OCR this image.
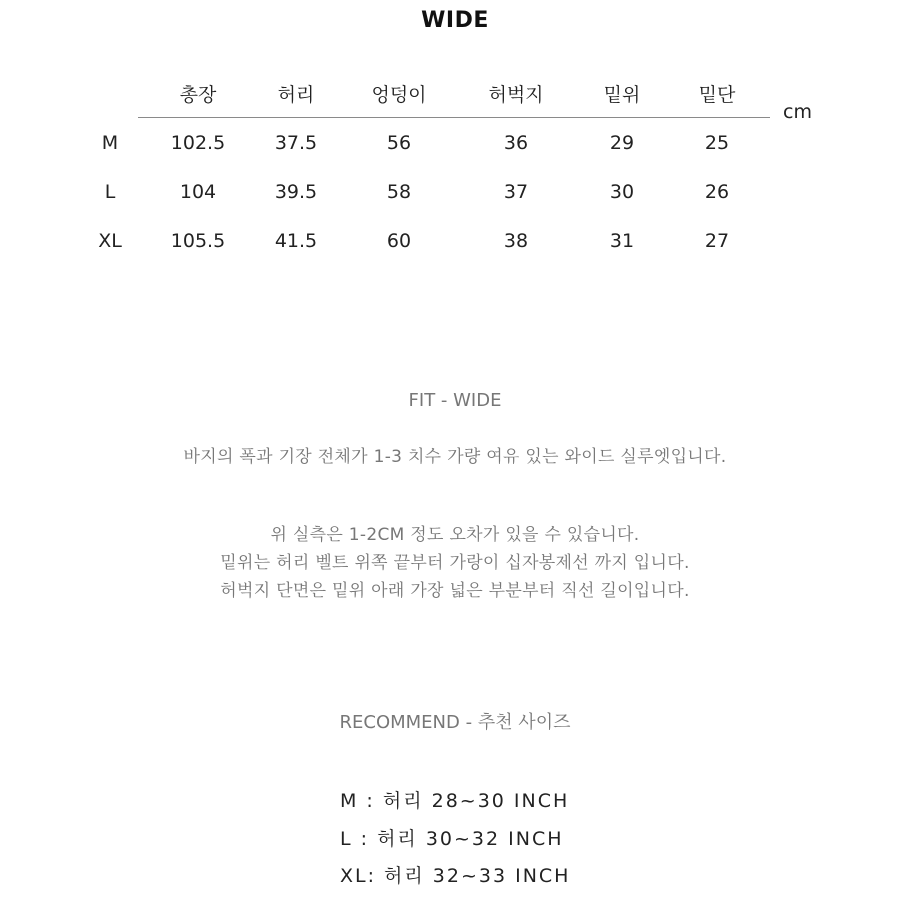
WIDE
총장	허리	엉덩이	허벅지	밑위	밑단
cm
M	102.5	37.5	56	36	29	25
L	104	39.5	58	37	30	26
XL	105.5	41.5	60	38	31	27
FIT - WIDE
바지의 폭과 기장 전체가 1-3 치수 가량 여유 있는 와이드 실루엣입니다.
위 실측은 1-2CM 정도 오차가 있을 수 있습니다.
밑위는 허리 벨트 위쪽 끝부터 가랑이 십자봉제선 까지 입니다.
허벅지 단면은 밑위 아래 가장 넓은 부분부터 직선 길이입니다.
RECOMMEND - 추천 사이즈
M : 허리 28~30 INCH
L : 허리 30~32 INCH
XL: 허리 32~33 INCH
